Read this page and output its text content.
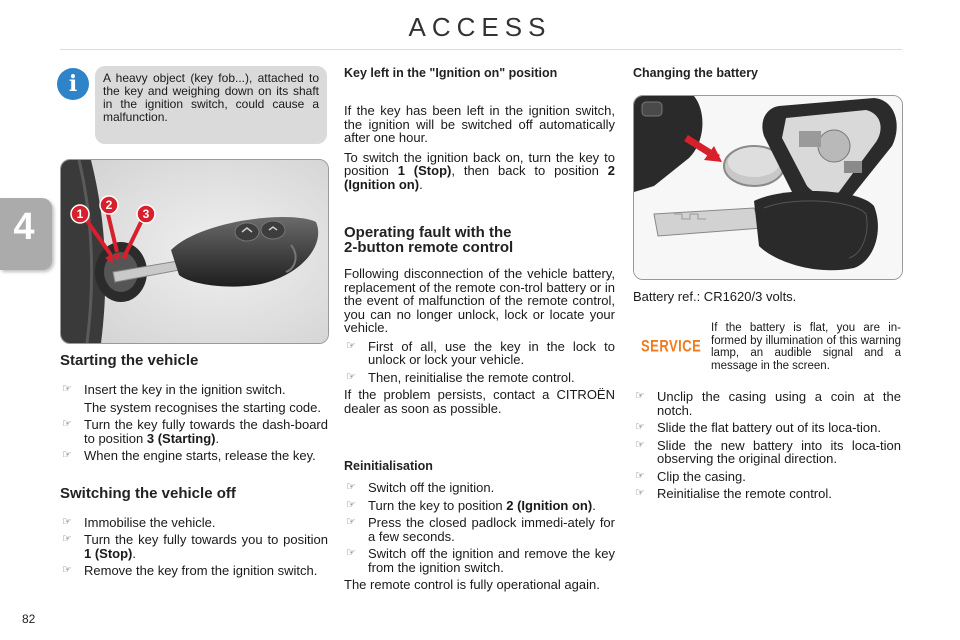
ACCESS
4
82
i	A heavy object (key fob...), attached to the key and weighing down on its shaft in the ignition switch, could cause a malfunction.
1
2
3
Starting the vehicle
☞ Insert the key in the ignition switch.
The system recognises the starting code.
☞ Turn the key fully towards the dash-board to position 3 (Starting).
☞ When the engine starts, release the key.
Switching the vehicle off
☞ Immobilise the vehicle.
☞ Turn the key fully towards you to position 1 (Stop).
☞ Remove the key from the ignition switch.
Key left in the "Ignition on" position
If the key has been left in the ignition switch, the ignition will be switched off automatically after one hour.
To switch the ignition back on, turn the key to position 1 (Stop), then back to position 2 (Ignition on).
Operating fault with the
2-button remote control
Following disconnection of the vehicle battery, replacement of the remote con-trol battery or in the event of malfunction of the remote control, you can no longer unlock, lock or locate your vehicle.
☞ First of all, use the key in the lock to unlock or lock your vehicle.
☞ Then, reinitialise the remote control.
If the problem persists, contact a CITROËN dealer as soon as possible.
Reinitialisation
☞ Switch off the ignition.
☞ Turn the key to position 2 (Ignition on).
☞ Press the closed padlock immedi-ately for a few seconds.
☞ Switch off the ignition and remove the key from the ignition switch.
The remote control is fully operational again.
Changing the battery
Battery ref.: CR1620/3 volts.
SERVICE
If the battery is flat, you are in-formed by illumination of this warning lamp, an audible signal and a message in the screen.
☞ Unclip the casing using a coin at the notch.
☞ Slide the flat battery out of its loca-tion.
☞ Slide the new battery into its loca-tion observing the original direction.
☞ Clip the casing.
☞ Reinitialise the remote control.
